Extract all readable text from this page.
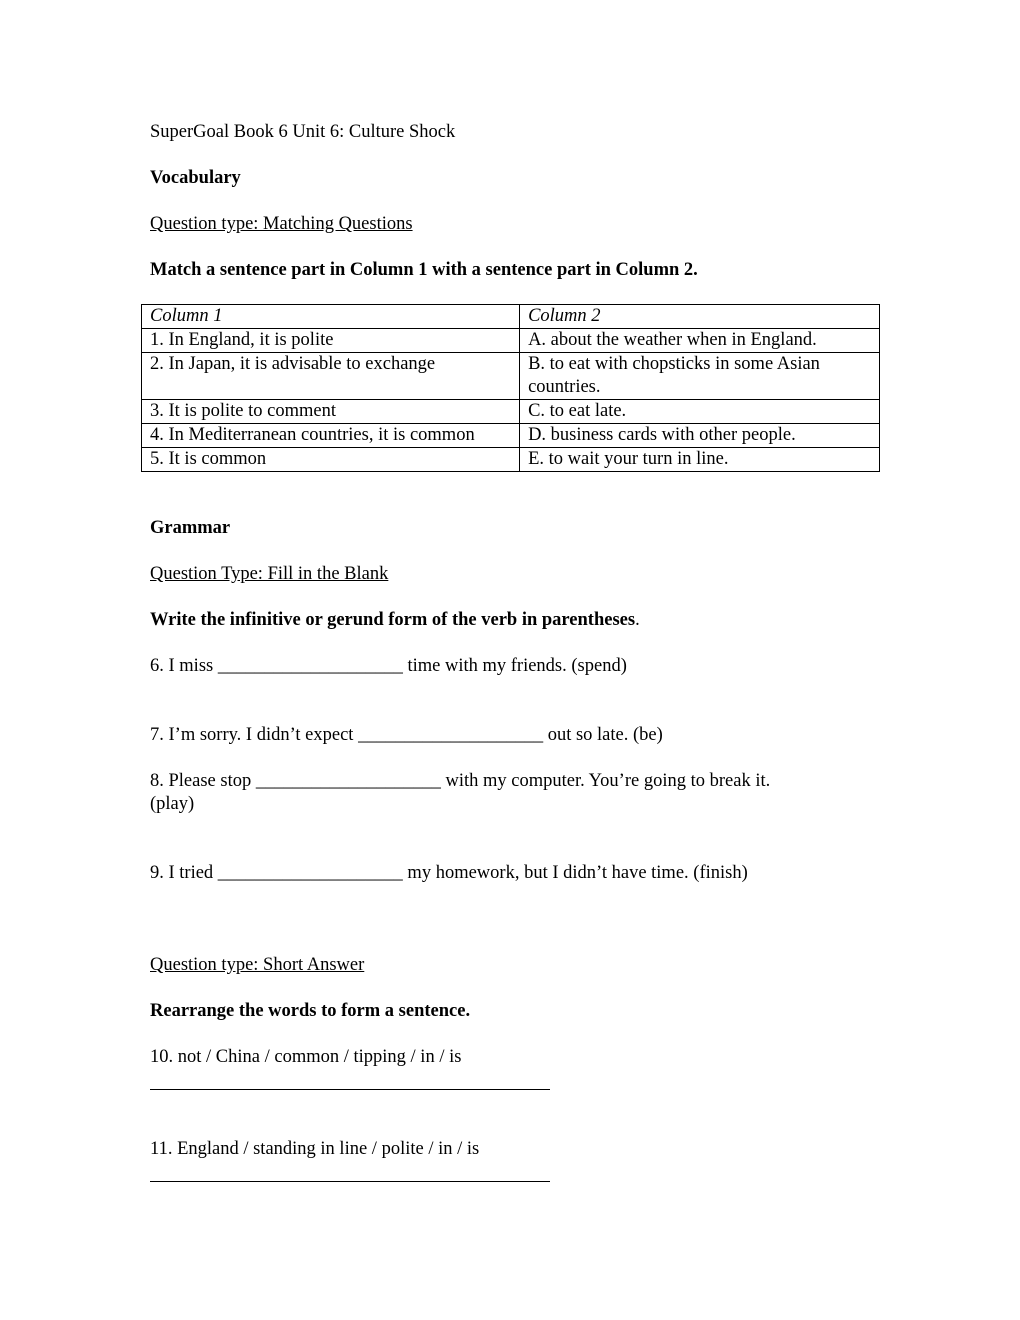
SuperGoal Book 6 Unit 6: Culture Shock
Vocabulary
Question type: Matching Questions
Match a sentence part in Column 1 with a sentence part in Column 2.
Column 1	Column 2
1. In England, it is polite	A. about the weather when in England.
2. In Japan, it is advisable to exchange	B. to eat with chopsticks in some Asian countries.
3. It is polite to comment	C. to eat late.
4. In Mediterranean countries, it is common	D. business cards with other people.
5. It is common	E. to wait your turn in line.
Grammar
Question Type: Fill in the Blank
Write the infinitive or gerund form of the verb in parentheses.
6. I miss ____________________ time with my friends. (spend)
7. I’m sorry. I didn’t expect ____________________ out so late. (be)
8. Please stop ____________________ with my computer. You’re going to break it.
(play)
9. I tried ____________________ my homework, but I didn’t have time. (finish)
Question type: Short Answer
Rearrange the words to form a sentence.
10. not / China / common / tipping / in / is
11. England / standing in line / polite / in / is
